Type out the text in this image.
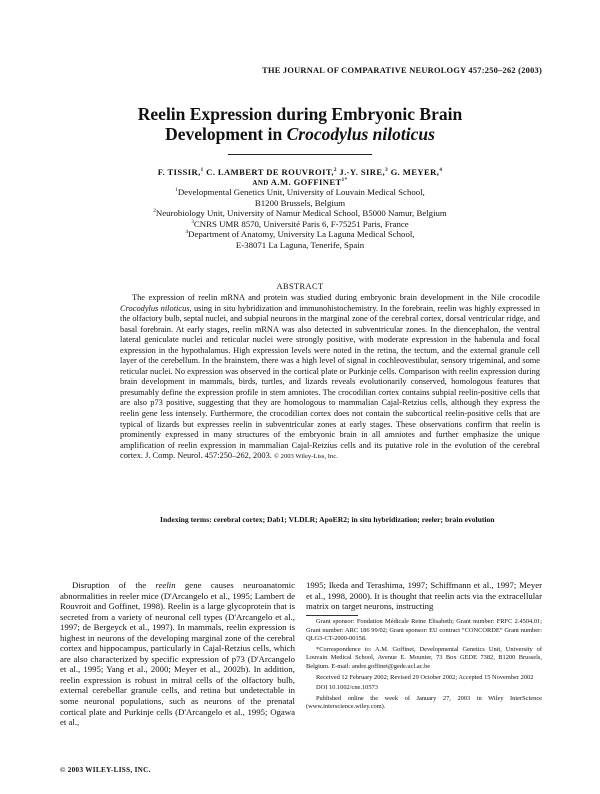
THE JOURNAL OF COMPARATIVE NEUROLOGY 457:250–262 (2003)
Reelin Expression during Embryonic Brain
Development in Crocodylus niloticus
F. TISSIR,$^1$ C. LAMBERT DE ROUVROIT,$^2$ J.-Y. SIRE,$^3$ G. MEYER,$^4$
AND A.M. $GOFFINET^{1*}$
$^1$Developmental Genetics Unit, University of Louvain Medical School,
B1200 Brussels, Belgium
$^2$Neurobiology Unit, University of Namur Medical School, B5000 Namur, Belgium
$^3$CNRS UMR 8570, Université Paris 6, F-75251 Paris, France
$^4$Department of Anatomy, University La Laguna Medical School,
E-38071 La Laguna, Tenerife, Spain
ABSTRACT
The expression of reelin mRNA and protein was studied during embryonic brain development in the Nile crocodile Crocodylus niloticus, using in situ hybridization and immunohistochemistry. In the forebrain, reelin was highly expressed in the olfactory bulb, septal nuclei, and subpial neurons in the marginal zone of the cerebral cortex, dorsal ventricular ridge, and basal forebrain. At early stages, reelin mRNA was also detected in subventricular zones. In the diencephalon, the ventral lateral geniculate nuclei and reticular nuclei were strongly positive, with moderate expression in the habenula and focal expression in the hypothalamus. High expression levels were noted in the retina, the tectum, and the external granule cell layer of the cerebellum. In the brainstem, there was a high level of signal in cochleovestibular, sensory trigeminal, and some reticular nuclei. No expression was observed in the cortical plate or Purkinje cells. Comparison with reelin expression during brain development in mammals, birds, turtles, and lizards reveals evolutionarily conserved, homologous features that presumably define the expression profile in stem amniotes. The crocodilian cortex contains subpial reelin-positive cells that are also p73 positive, suggesting that they are homologous to mammalian Cajal-Retzius cells, although they express the reelin gene less intensely. Furthermore, the crocodilian cortex does not contain the subcortical reelin-positive cells that are typical of lizards but expresses reelin in subventricular zones at early stages. These observations confirm that reelin is prominently expressed in many structures of the embryonic brain in all amniotes and further emphasize the unique amplification of reelin expression in mammalian Cajal-Retzius cells and its putative role in the evolution of the cerebral cortex. J. Comp. Neurol. 457:250–262, 2003. © 2003 Wiley-Liss, Inc.
Indexing terms: cerebral cortex; Dab1; VLDLR; ApoER2; in situ hybridization; reeler; brain evolution

Disruption of the reelin gene causes neuroanatomic abnormalities in reeler mice (D'Arcangelo et al., 1995; Lambert de Rouvroit and Goffinet, 1998). Reelin is a large glycoprotein that is secreted from a variety of neuronal cell types (D'Arcangelo et al., 1997; de Bergeyck et al., 1997). In mammals, reelin expression is highest in neurons of the developing marginal zone of the cerebral cortex and hippocampus, particularly in Cajal-Retzius cells, which are also characterized by specific expression of p73 (D'Arcangelo et al., 1995; Yang et al., 2000; Meyer et al., 2002b). In addition, reelin expression is robust in mitral cells of the olfactory bulb, external cerebellar granule cells, and retina but undetectable in some neuronal populations, such as neurons of the prenatal cortical plate and Purkinje cells (D'Arcangelo et al., 1995; Ogawa et al.,

1995; Ikeda and Terashima, 1997; Schiffmann et al., 1997; Meyer et al., 1998, 2000). It is thought that reelin acts via the extracellular matrix on target neurons, instructing

Grant sponsor: Fondation Médicale Reine Elisabeth; Grant number: FRFC 2.4504.01; Grant number: ARC 186 99/02; Grant sponsor: EU contract “CONCORDE” Grant number: QLG3-CT-2000-00158.

*Correspondence to: A.M. Goffinet, Developmental Genetics Unit, University of Louvain Medical School, Avenue E. Mounier, 73 Box GEDE 7382, B1200 Brussels, Belgium. E-mail: andre.goffinet@gede.ucl.ac.be

Received 12 February 2002; Revised 29 October 2002; Accepted 15 November 2002

DOI 10.1002/cne.10573

Published online the week of January 27, 2003 in Wiley InterScience (www.interscience.wiley.com).

© 2003 WILEY-LISS, INC.
